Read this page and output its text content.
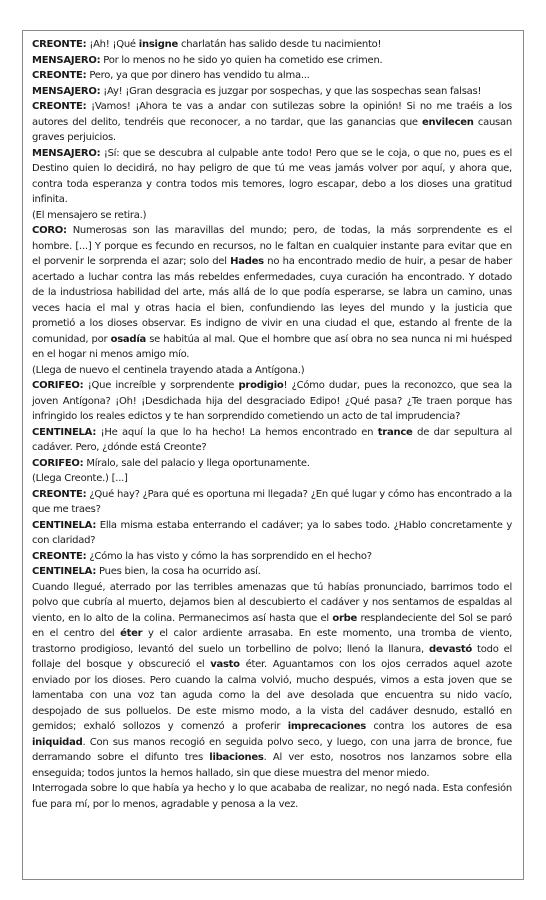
CREONTE: ¡Ah! ¡Qué insigne charlatán has salido desde tu nacimiento!

MENSAJERO: Por lo menos no he sido yo quien ha cometido ese crimen.

CREONTE: Pero, ya que por dinero has vendido tu alma...

MENSAJERO: ¡Ay! ¡Gran desgracia es juzgar por sospechas, y que las sospechas sean falsas!

CREONTE: ¡Vamos! ¡Ahora te vas a andar con sutilezas sobre la opinión! Si no me traéis a los autores del delito, tendréis que reconocer, a no tardar, que las ganancias que envilecen causan graves perjuicios.

MENSAJERO: ¡Sí: que se descubra al culpable ante todo! Pero que se le coja, o que no, pues es el Destino quien lo decidirá, no hay peligro de que tú me veas jamás volver por aquí, y ahora que, contra toda esperanza y contra todos mis temores, logro escapar, debo a los dioses una gratitud infinita.

(El mensajero se retira.)

CORO: Numerosas son las maravillas del mundo; pero, de todas, la más sorprendente es el hombre. [...] Y porque es fecundo en recursos, no le faltan en cualquier instante para evitar que en el porvenir le sorprenda el azar; solo del Hades no ha encontrado medio de huir, a pesar de haber acertado a luchar contra las más rebeldes enfermedades, cuya curación ha encontrado. Y dotado de la industriosa habilidad del arte, más allá de lo que podía esperarse, se labra un camino, unas veces hacia el mal y otras hacia el bien, confundiendo las leyes del mundo y la justicia que prometió a los dioses observar. Es indigno de vivir en una ciudad el que, estando al frente de la comunidad, por osadía se habitúa al mal. Que el hombre que así obra no sea nunca ni mi huésped en el hogar ni menos amigo mío.

(Llega de nuevo el centinela trayendo atada a Antígona.)

CORIFEO: ¡Que increíble y sorprendente prodigio! ¿Cómo dudar, pues la reconozco, que sea la joven Antígona? ¡Oh! ¡Desdichada hija del desgraciado Edipo! ¿Qué pasa? ¿Te traen porque has infringido los reales edictos y te han sorprendido cometiendo un acto de tal imprudencia?

CENTINELA: ¡He aquí la que lo ha hecho! La hemos encontrado en trance de dar sepultura al cadáver. Pero, ¿dónde está Creonte?

CORIFEO: Míralo, sale del palacio y llega oportunamente.

(Llega Creonte.) [...]

CREONTE: ¿Qué hay? ¿Para qué es oportuna mi llegada? ¿En qué lugar y cómo has encontrado a la que me traes?

CENTINELA: Ella misma estaba enterrando el cadáver; ya lo sabes todo. ¿Hablo concretamente y con claridad?

CREONTE: ¿Cómo la has visto y cómo la has sorprendido en el hecho?

CENTINELA: Pues bien, la cosa ha ocurrido así.

Cuando llegué, aterrado por las terribles amenazas que tú habías pronunciado, barrimos todo el polvo que cubría al muerto, dejamos bien al descubierto el cadáver y nos sentamos de espaldas al viento, en lo alto de la colina. Permanecimos así hasta que el orbe resplandeciente del Sol se paró en el centro del éter y el calor ardiente arrasaba. En este momento, una tromba de viento, trastorno prodigioso, levantó del suelo un torbellino de polvo; llenó la llanura, devastó todo el follaje del bosque y obscureció el vasto éter. Aguantamos con los ojos cerrados aquel azote enviado por los dioses. Pero cuando la calma volvió, mucho después, vimos a esta joven que se lamentaba con una voz tan aguda como la del ave desolada que encuentra su nido vacío, despojado de sus polluelos. De este mismo modo, a la vista del cadáver desnudo, estalló en gemidos; exhaló sollozos y comenzó a proferir imprecaciones contra los autores de esa iniquidad. Con sus manos recogió en seguida polvo seco, y luego, con una jarra de bronce, fue derramando sobre el difunto tres libaciones. Al ver esto, nosotros nos lanzamos sobre ella enseguida; todos juntos la hemos hallado, sin que diese muestra del menor miedo.

Interrogada sobre lo que había ya hecho y lo que acababa de realizar, no negó nada. Esta confesión fue para mí, por lo menos, agradable y penosa a la vez.
